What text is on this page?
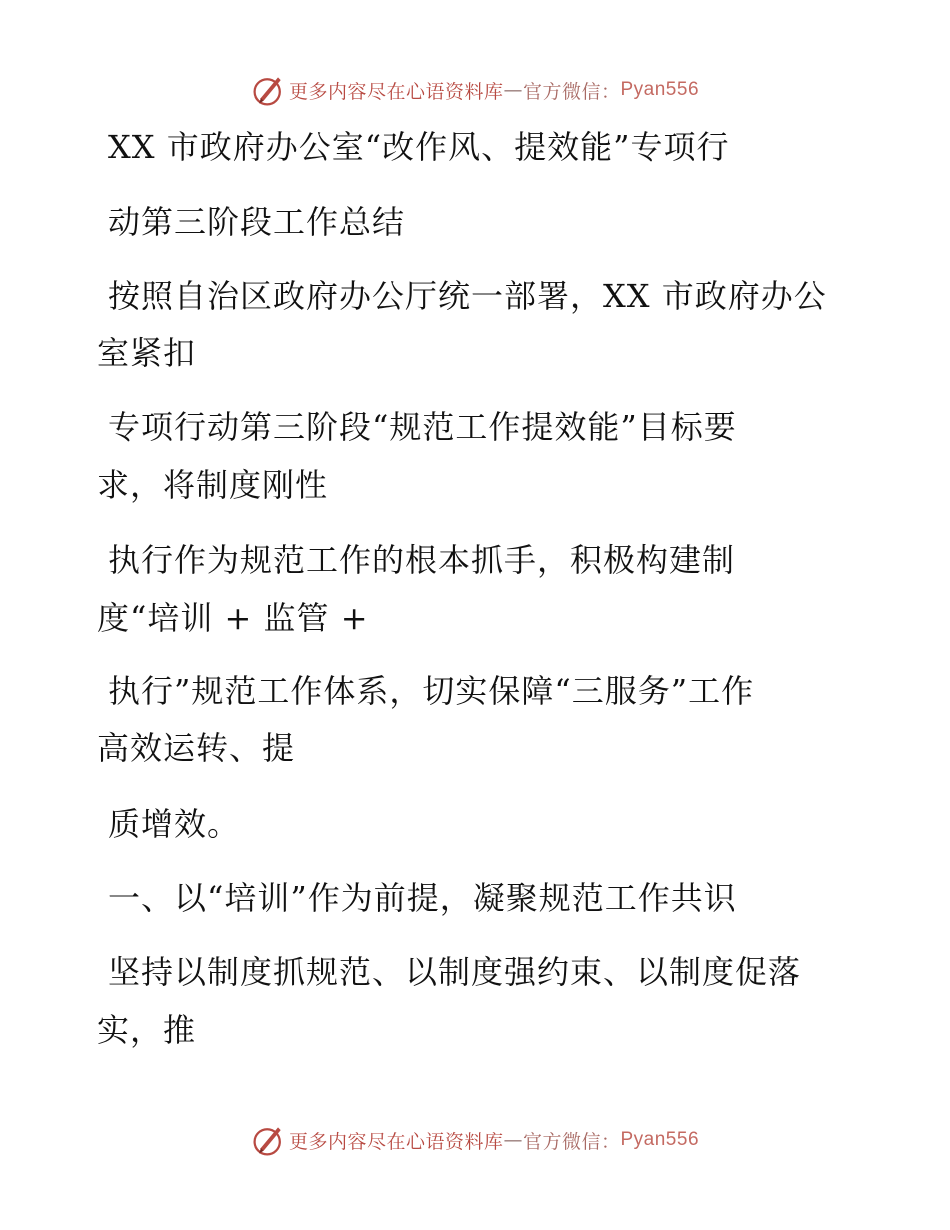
更多内容尽在心语资料库 — 官方微信： Pyan556
XX 市政府办公室“改作风、提效能”专项行
动第三阶段工作总结
按照自治区政府办公厅统一部署，XX 市政府办公
室紧扣
专项行动第三阶段“规范工作提效能”目标要
求，将制度刚性
执行作为规范工作的根本抓手，积极构建制
度“培训 + 监管 +
执行”规范工作体系，切实保障“三服务”工作
高效运转、提
质增效。
一、以“培训”作为前提，凝聚规范工作共识
坚持以制度抓规范、以制度强约束、以制度促落
实，推
更多内容尽在心语资料库 — 官方微信： Pyan556
